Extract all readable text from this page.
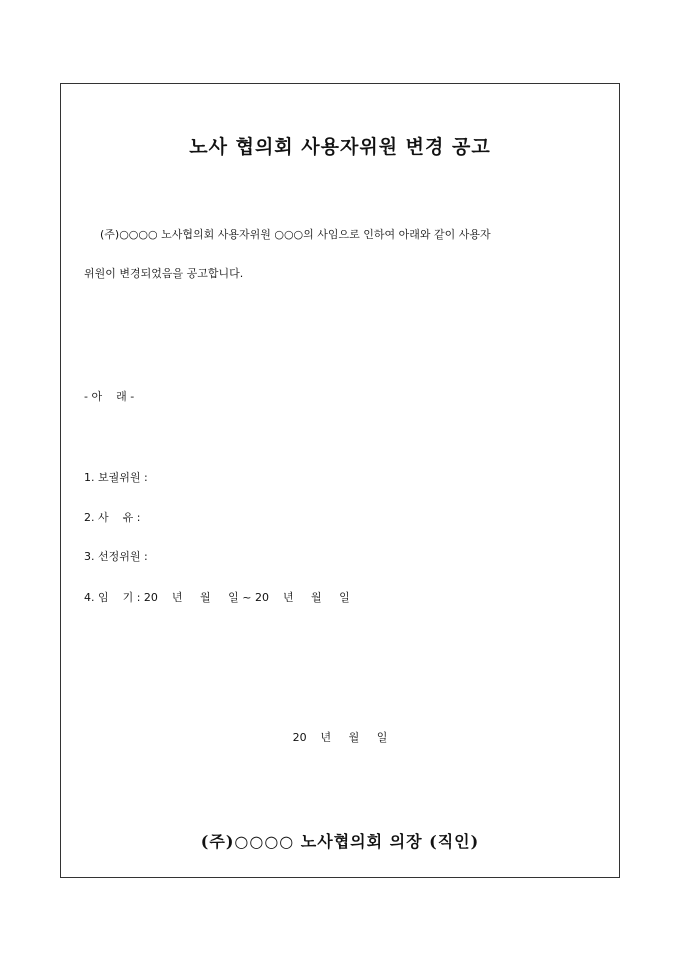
노사 협의회 사용자위원 변경 공고
(주)○○○○ 노사협의회 사용자위원 ○○○의 사임으로 인하여 아래와 같이 사용자
위원이 변경되었음을 공고합니다.
- 아    래 -
1. 보궐위원 :
2. 사    유 :
3. 선정위원 :
4. 임    기 : 20    년     월     일 ~ 20    년     월     일
20    년     월     일
(주)○○○○ 노사협의회 의장 (직인)
